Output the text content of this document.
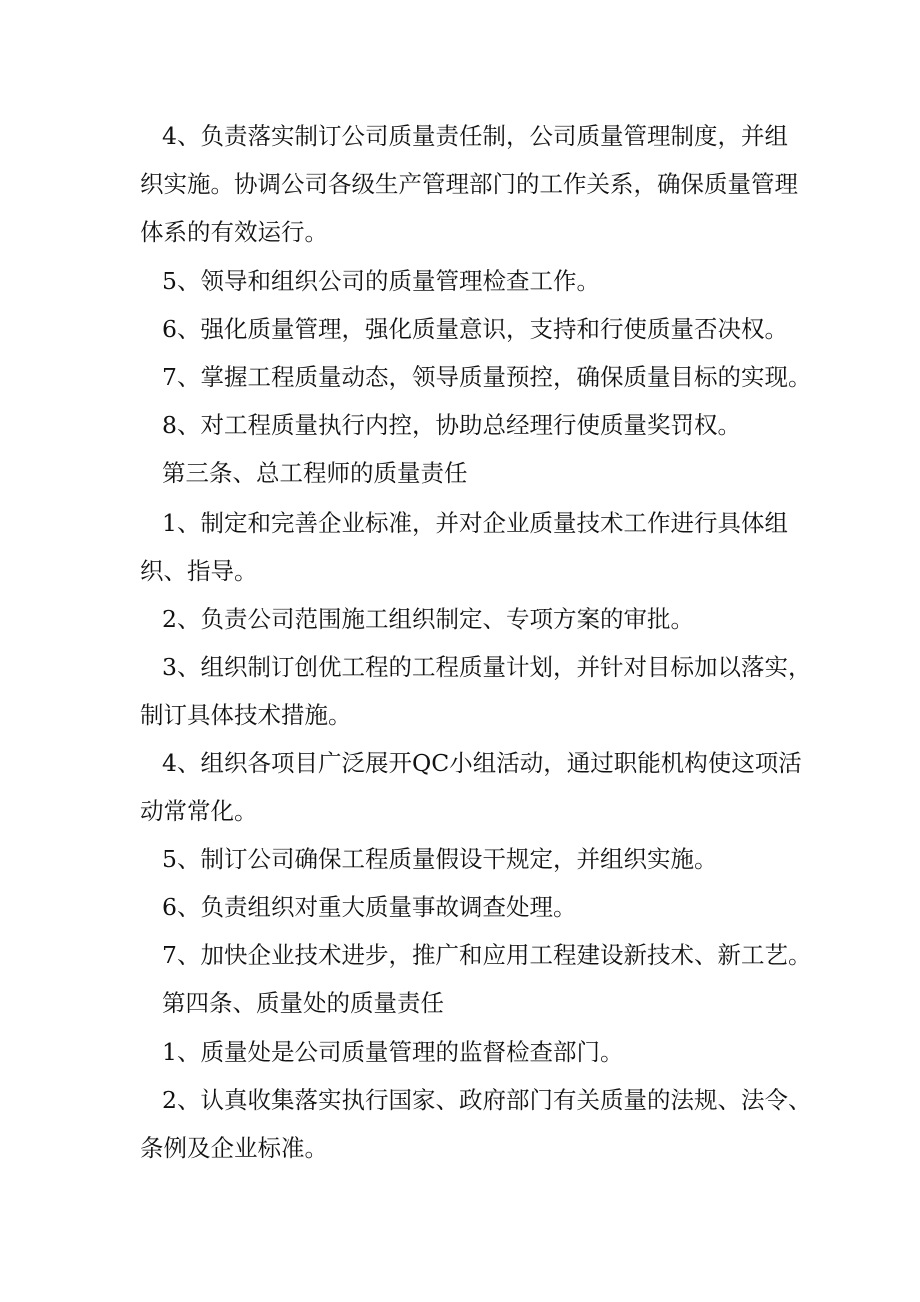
4、负责落实制订公司质量责任制，公司质量管理制度，并组
织实施。协调公司各级生产管理部门的工作关系，确保质量管理
体系的有效运行。
5、领导和组织公司的质量管理检查工作。
6、强化质量管理，强化质量意识，支持和行使质量否决权。
7、掌握工程质量动态，领导质量预控，确保质量目标的实现。
8、对工程质量执行内控，协助总经理行使质量奖罚权。
第三条、总工程师的质量责任
1、制定和完善企业标准，并对企业质量技术工作进行具体组
织、指导。
2、负责公司范围施工组织制定、专项方案的审批。
3、组织制订创优工程的工程质量计划，并针对目标加以落实，
制订具体技术措施。
4、组织各项目广泛展开QC小组活动，通过职能机构使这项活
动常常化。
5、制订公司确保工程质量假设干规定，并组织实施。
6、负责组织对重大质量事故调查处理。
7、加快企业技术进步，推广和应用工程建设新技术、新工艺。
第四条、质量处的质量责任
1、质量处是公司质量管理的监督检查部门。
2、认真收集落实执行国家、政府部门有关质量的法规、法令、
条例及企业标准。
